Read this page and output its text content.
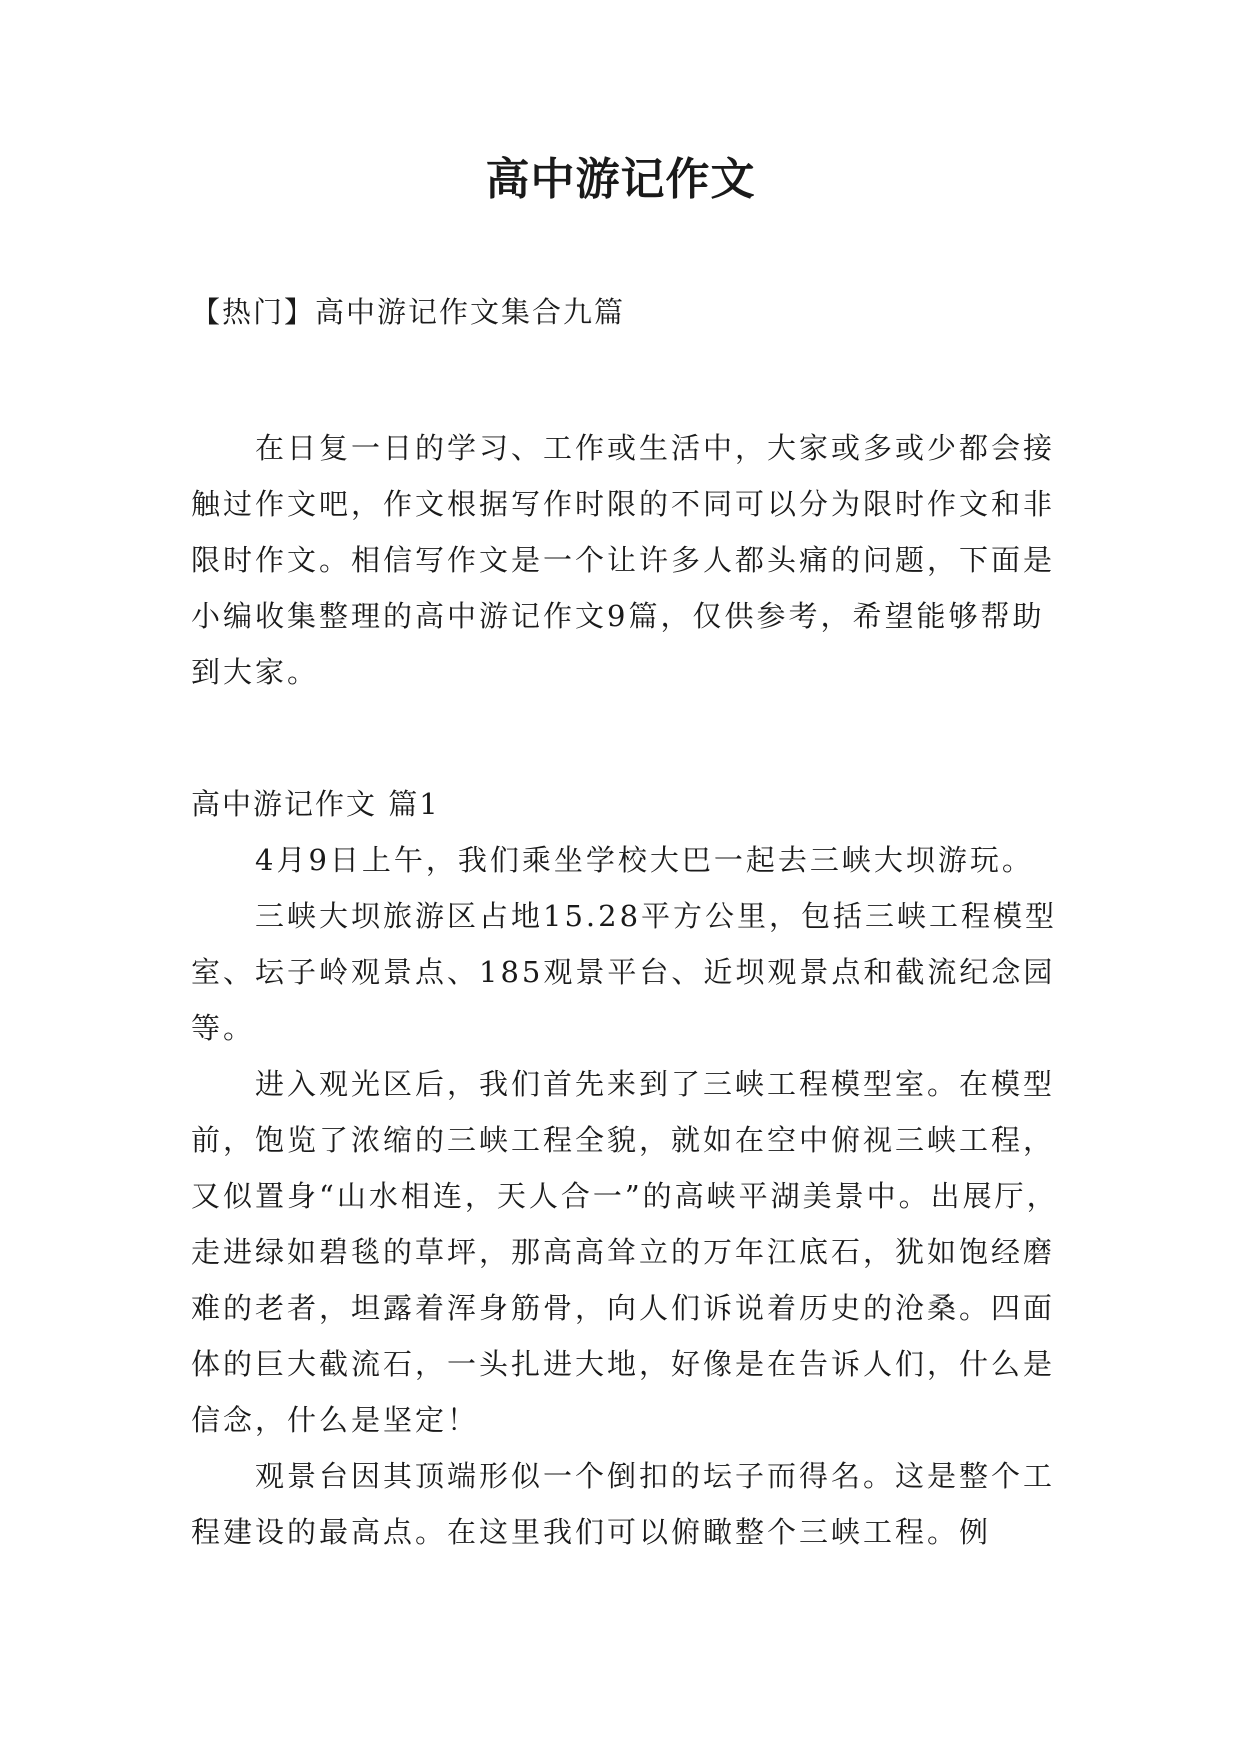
高中游记作文

【热门】高中游记作文集合九篇

在日复一日的学习、工作或生活中，大家或多或少都会接触过作文吧，作文根据写作时限的不同可以分为限时作文和非限时作文。相信写作文是一个让许多人都头痛的问题，下面是小编收集整理的高中游记作文9篇，仅供参考，希望能够帮助到大家。

高中游记作文 篇1

4月9日上午，我们乘坐学校大巴一起去三峡大坝游玩。

三峡大坝旅游区占地15.28平方公里，包括三峡工程模型室、坛子岭观景点、185观景平台、近坝观景点和截流纪念园等。

进入观光区后，我们首先来到了三峡工程模型室。在模型前，饱览了浓缩的三峡工程全貌，就如在空中俯视三峡工程，又似置身“山水相连，天人合一”的高峡平湖美景中。出展厅，走进绿如碧毯的草坪，那高高耸立的万年江底石，犹如饱经磨难的老者，坦露着浑身筋骨，向人们诉说着历史的沧桑。四面体的巨大截流石，一头扎进大地，好像是在告诉人们，什么是信念，什么是坚定！

观景台因其顶端形似一个倒扣的坛子而得名。这是整个工程建设的最高点。在这里我们可以俯瞰整个三峡工程。例
